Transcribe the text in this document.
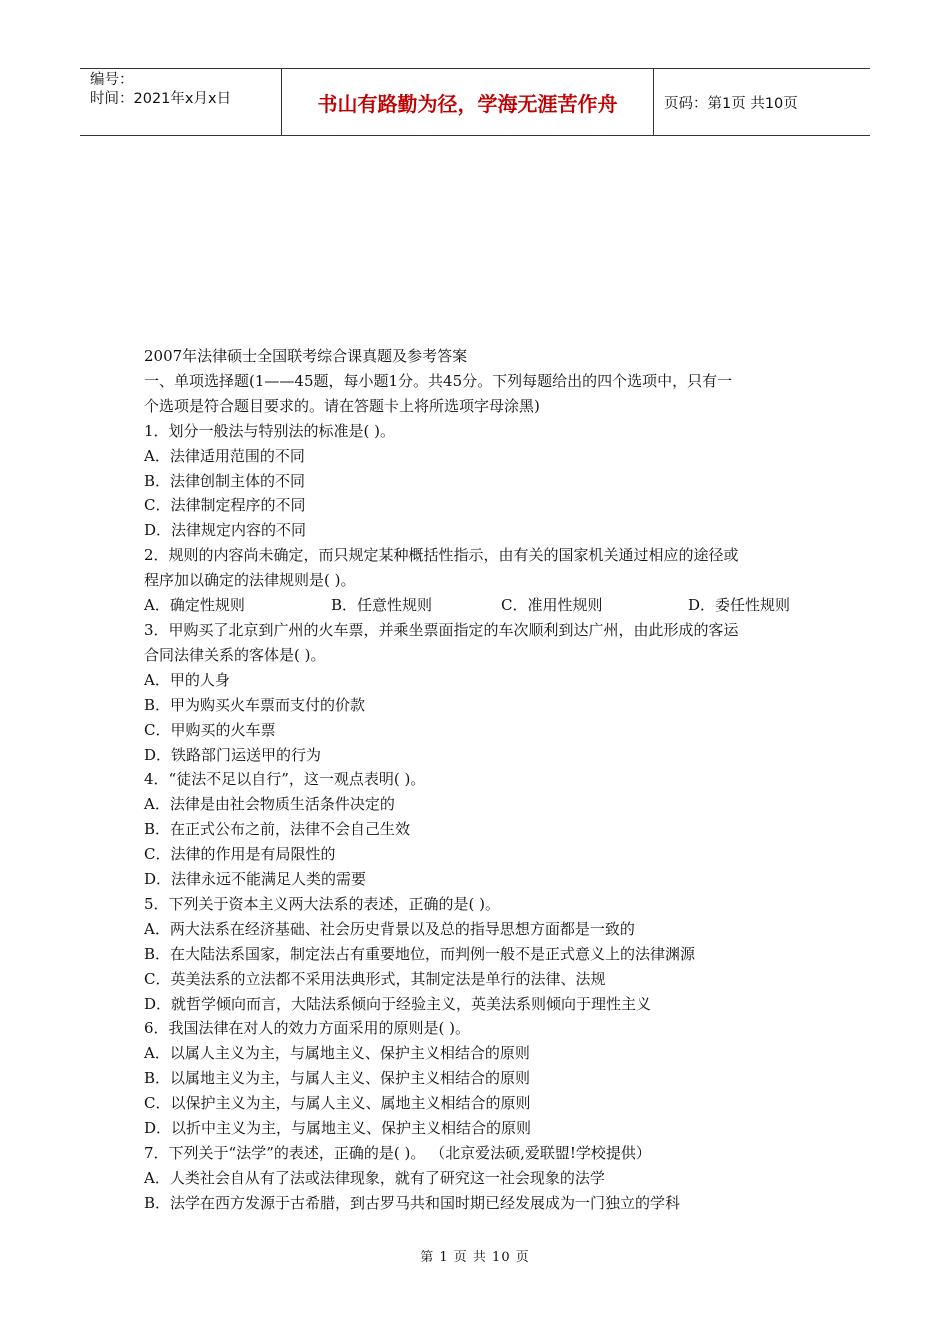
编号：
时间：2021年x月x日	书山有路勤为径，学海无涯苦作舟	页码：第1页 共10页
2007年法律硕士全国联考综合课真题及参考答案
一、单项选择题(1——45题，每小题1分。共45分。下列每题给出的四个选项中，只有一
个选项是符合题目要求的。请在答题卡上将所选项字母涂黑)
1．划分一般法与特别法的标准是( )。
A．法律适用范围的不同
B．法律创制主体的不同
C．法律制定程序的不同
D．法律规定内容的不同
2．规则的内容尚未确定，而只规定某种概括性指示，由有关的国家机关通过相应的途径或
程序加以确定的法律规则是( )。
A．确定性规则	B．任意性规则	C．准用性规则	D．委任性规则
3．甲购买了北京到广州的火车票，并乘坐票面指定的车次顺利到达广州，由此形成的客运
合同法律关系的客体是( )。
A．甲的人身
B．甲为购买火车票而支付的价款
C．甲购买的火车票
D．铁路部门运送甲的行为
4．“徒法不足以自行”，这一观点表明( )。
A．法律是由社会物质生活条件决定的
B．在正式公布之前，法律不会自己生效
C．法律的作用是有局限性的
D．法律永远不能满足人类的需要
5．下列关于资本主义两大法系的表述，正确的是( )。
A．两大法系在经济基础、社会历史背景以及总的指导思想方面都是一致的
B．在大陆法系国家，制定法占有重要地位，而判例一般不是正式意义上的法律渊源
C．英美法系的立法都不采用法典形式，其制定法是单行的法律、法规
D．就哲学倾向而言，大陆法系倾向于经验主义，英美法系则倾向于理性主义
6．我国法律在对人的效力方面采用的原则是( )。
A．以属人主义为主，与属地主义、保护主义相结合的原则
B．以属地主义为主，与属人主义、保护主义相结合的原则
C．以保护主义为主，与属人主义、属地主义相结合的原则
D．以折中主义为主，与属地主义、保护主义相结合的原则
7．下列关于“法学”的表述，正确的是( )。 （北京爱法硕,爱联盟!学校提供）
A．人类社会自从有了法或法律现象，就有了研究这一社会现象的法学
B．法学在西方发源于古希腊，到古罗马共和国时期已经发展成为一门独立的学科
第 1 页 共 10 页
